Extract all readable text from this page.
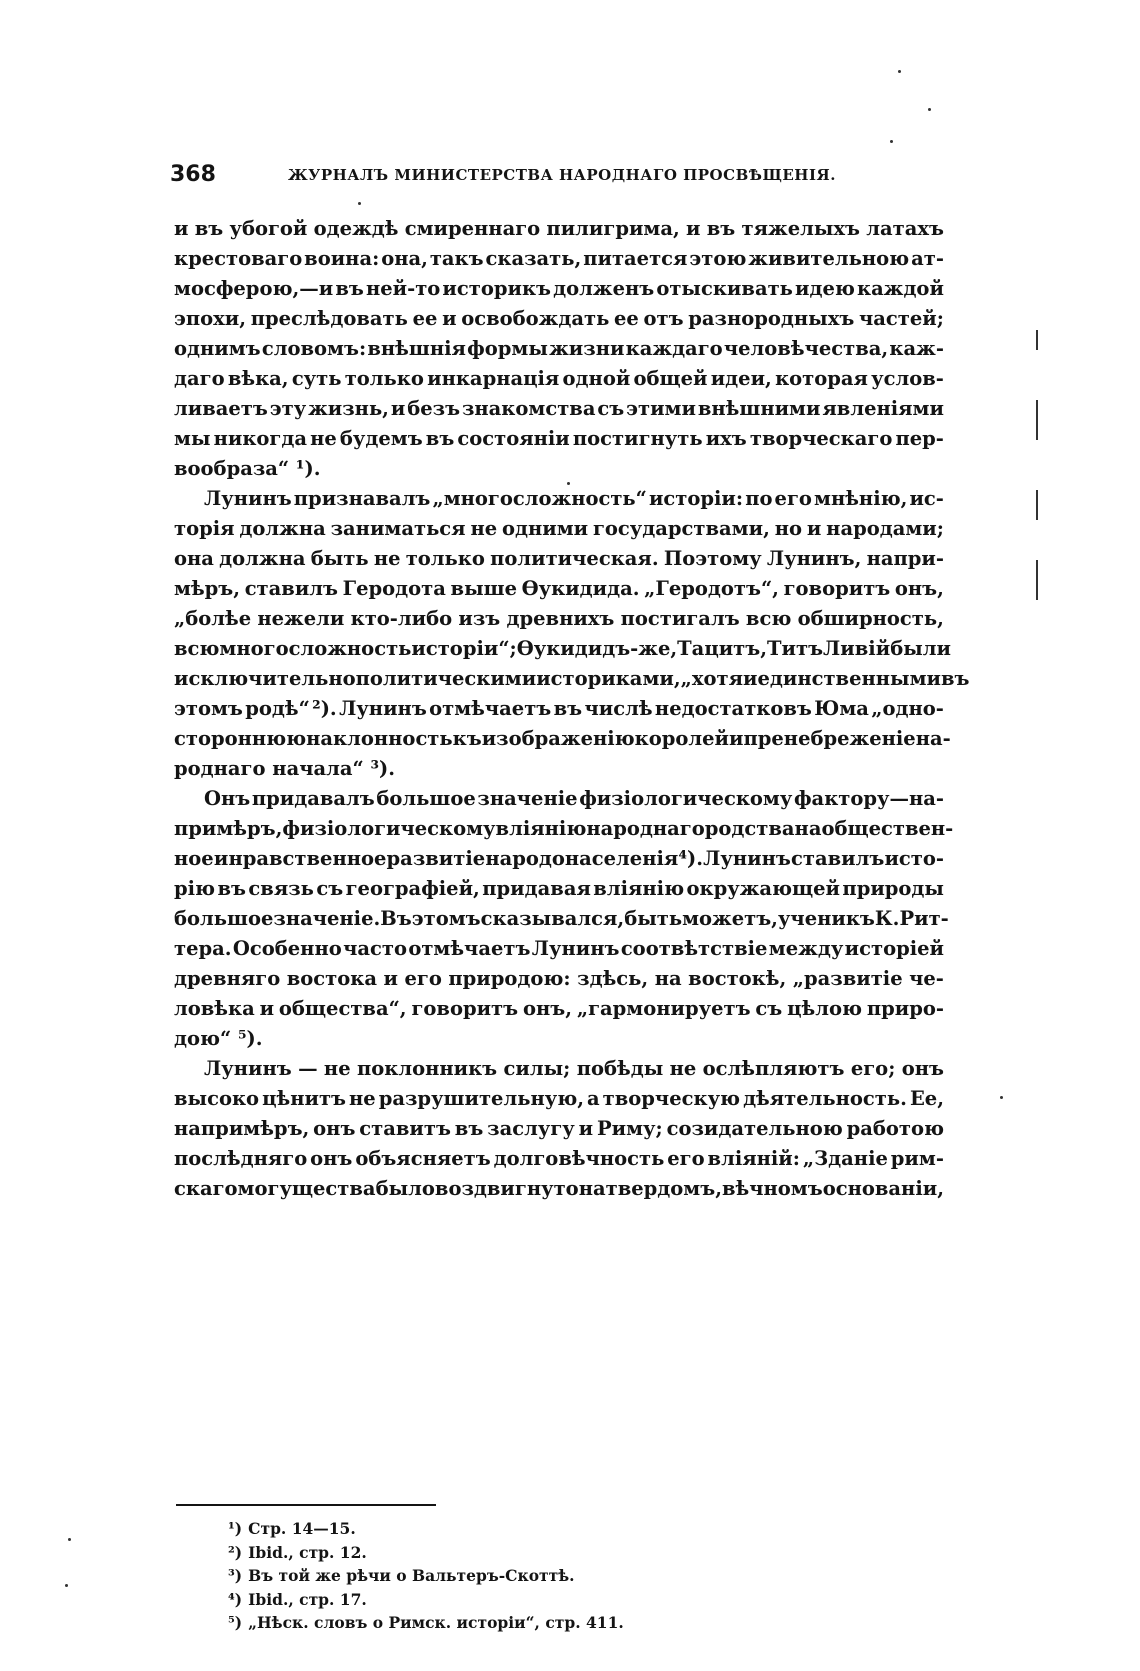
368	ЖУРНАЛЪ МИНИСТЕРСТВА НАРОДНАГО ПРОСВѢЩЕНІЯ.
и въ убогой одеждѣ смиреннаго пилигрима, и въ тяжелыхъ латахъ
крестоваго воина: она, такъ сказать, питается этою живительною ат-
мосферою,—и въ ней-то историкъ долженъ отыскивать идею каждой
эпохи, преслѣдовать ее и освобождать ее отъ разнородныхъ частей;
однимъ словомъ: внѣшнія формы жизни каждаго человѣчества, каж-
даго вѣка, суть только инкарнація одной общей идеи, которая услов-
ливаетъ эту жизнь, и безъ знакомства съ этими внѣшними явленіями
мы никогда не будемъ въ состояніи постигнуть ихъ творческаго пер-
вообраза“ ¹).
Лунинъ признавалъ „многосложность“ исторіи: по его мнѣнію, ис-
торія должна заниматься не одними государствами, но и народами;
она должна быть не только политическая. Поэтому Лунинъ, напри-
мѣръ, ставилъ Геродота выше Ѳукидида. „Геродотъ“, говоритъ онъ,
„болѣе нежели кто-либо изъ древнихъ постигалъ всю обширность,
всю многосложность исторіи“; Ѳукидидъ-же, Тацитъ, Титъ Ливій были
исключительно политическими историками, „хотя и единственными въ
этомъ родѣ“ ²). Лунинъ отмѣчаетъ въ числѣ недостатковъ Юма „одно-
стороннюю наклонность къ изображенію королей и пренебреженіе на-
роднаго начала“ ³).
Онъ придавалъ большое значеніе физіологическому фактору—на-
примѣръ, физіологическому вліянію народнаго родства на обществен-
ное и нравственное развитіе народонаселенія ⁴). Лунинъ ставилъ исто-
рію въ связь съ географіей, придавая вліянію окружающей природы
большое значеніе. Въ этомъ сказывался, быть можетъ, ученикъ К. Рит-
тера. Особенно часто отмѣчаетъ Лунинъ соотвѣтствіе между исторіей
древняго востока и его природою: здѣсь, на востокѣ, „развитіе че-
ловѣка и общества“, говоритъ онъ, „гармонируетъ съ цѣлою приро-
дою“ ⁵).
Лунинъ — не поклонникъ силы; побѣды не ослѣпляютъ его; онъ
высоко цѣнитъ не разрушительную, а творческую дѣятельность. Ее,
напримѣръ, онъ ставитъ въ заслугу и Риму; созидательною работою
послѣдняго онъ объясняетъ долговѣчность его вліяній: „Зданіе рим-
скаго могущества было воздвигнуто на твердомъ, вѣчномъ основаніи,
¹) Стр. 14—15.
²) Ibid., стр. 12.
³) Въ той же рѣчи о Вальтеръ-Скоттѣ.
⁴) Ibid., стр. 17.
⁵) „Нѣск. словъ о Римск. исторіи“, стр. 411.
